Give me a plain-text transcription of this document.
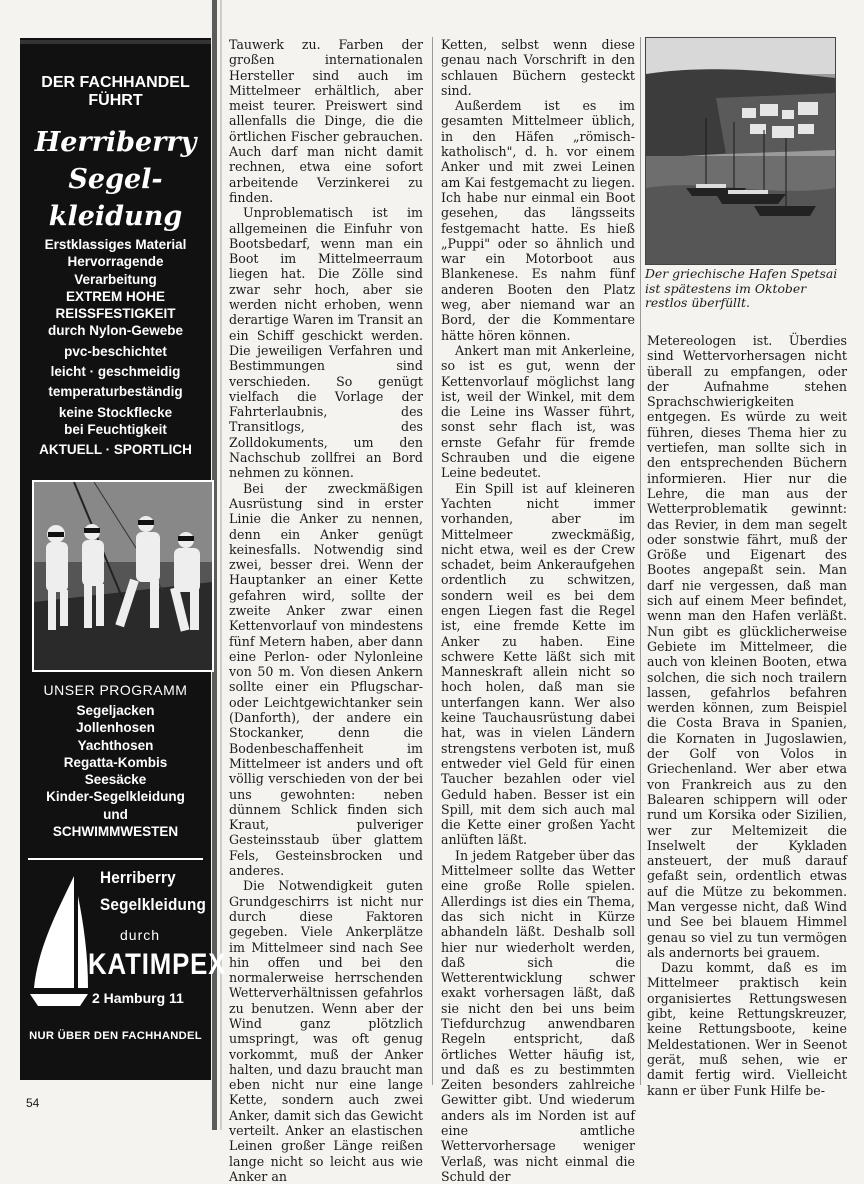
DER FACHHANDEL
FÜHRT
Herriberry
Segel-
kleidung
Erstklassiges Material
Hervorragende
Verarbeitung
EXTREM HOHE
REISSFESTIGKEIT
durch Nylon-Gewebe
pvc-beschichtet
leicht · geschmeidig
temperaturbeständig
keine Stockflecke
bei Feuchtigkeit
AKTUELL · SPORTLICH
UNSER PROGRAMM
Segeljacken
Jollenhosen
Yachthosen
Regatta-Kombis
Seesäcke
Kinder-Segelkleidung
und
SCHWIMMWESTEN
Herriberry
Segelkleidung
durch
KATIMPEX
2 Hamburg 11
NUR ÜBER DEN FACHHANDEL

Tauwerk zu. Farben der großen internationalen Hersteller sind auch im Mittelmeer erhältlich, aber meist teurer. Preiswert sind allenfalls die Dinge, die die örtlichen Fischer gebrauchen. Auch darf man nicht damit rechnen, etwa eine sofort arbeitende Verzinkerei zu finden.

Unproblematisch ist im allgemeinen die Einfuhr von Bootsbedarf, wenn man ein Boot im Mittelmeerraum liegen hat. Die Zölle sind zwar sehr hoch, aber sie werden nicht erhoben, wenn derartige Waren im Transit an ein Schiff geschickt werden. Die jeweiligen Verfahren und Bestimmungen sind verschieden. So genügt vielfach die Vorlage der Fahrterlaubnis, des Transitlogs, des Zolldokuments, um den Nachschub zollfrei an Bord nehmen zu können.

Bei der zweckmäßigen Ausrüstung sind in erster Linie die Anker zu nennen, denn ein Anker genügt keinesfalls. Notwendig sind zwei, besser drei. Wenn der Hauptanker an einer Kette gefahren wird, sollte der zweite Anker zwar einen Kettenvorlauf von mindestens fünf Metern haben, aber dann eine Perlon- oder Nylonleine von 50 m. Von diesen Ankern sollte einer ein Pflugschar- oder Leichtgewichtanker sein (Danforth), der andere ein Stockanker, denn die Bodenbeschaffenheit im Mittelmeer ist anders und oft völlig verschieden von der bei uns gewohnten: neben dünnem Schlick finden sich Kraut, pulveriger Gesteinsstaub über glattem Fels, Gesteinsbrocken und anderes.

Die Notwendigkeit guten Grundgeschirrs ist nicht nur durch diese Faktoren gegeben. Viele Ankerplätze im Mittelmeer sind nach See hin offen und bei den normalerweise herrschenden Wetterverhältnissen gefahrlos zu benutzen. Wenn aber der Wind ganz plötzlich umspringt, was oft genug vorkommt, muß der Anker halten, und dazu braucht man eben nicht nur eine lange Kette, sondern auch zwei Anker, damit sich das Gewicht verteilt. Anker an elastischen Leinen großer Länge reißen lange nicht so leicht aus wie Anker an

Ketten, selbst wenn diese genau nach Vorschrift in den schlauen Büchern gesteckt sind.

Außerdem ist es im gesamten Mittelmeer üblich, in den Häfen „römisch-katholisch", d. h. vor einem Anker und mit zwei Leinen am Kai festgemacht zu liegen. Ich habe nur einmal ein Boot gesehen, das längsseits festgemacht hatte. Es hieß „Puppi" oder so ähnlich und war ein Motorboot aus Blankenese. Es nahm fünf anderen Booten den Platz weg, aber niemand war an Bord, der die Kommentare hätte hören können.

Ankert man mit Ankerleine, so ist es gut, wenn der Kettenvorlauf möglichst lang ist, weil der Winkel, mit dem die Leine ins Wasser führt, sonst sehr flach ist, was ernste Gefahr für fremde Schrauben und die eigene Leine bedeutet.

Ein Spill ist auf kleineren Yachten nicht immer vorhanden, aber im Mittelmeer zweckmäßig, nicht etwa, weil es der Crew schadet, beim Ankeraufgehen ordentlich zu schwitzen, sondern weil es bei dem engen Liegen fast die Regel ist, eine fremde Kette im Anker zu haben. Eine schwere Kette läßt sich mit Manneskraft allein nicht so hoch holen, daß man sie unterfangen kann. Wer also keine Tauchausrüstung dabei hat, was in vielen Ländern strengstens verboten ist, muß entweder viel Geld für einen Taucher bezahlen oder viel Geduld haben. Besser ist ein Spill, mit dem sich auch mal die Kette einer großen Yacht anlüften läßt.

In jedem Ratgeber über das Mittelmeer sollte das Wetter eine große Rolle spielen. Allerdings ist dies ein Thema, das sich nicht in Kürze abhandeln läßt. Deshalb soll hier nur wiederholt werden, daß sich die Wetterentwicklung schwer exakt vorhersagen läßt, daß sie nicht den bei uns beim Tiefdurchzug anwendbaren Regeln entspricht, daß örtliches Wetter häufig ist, und daß es zu bestimmten Zeiten besonders zahlreiche Gewitter gibt. Und wiederum anders als im Norden ist auf eine amtliche Wettervorhersage weniger Verlaß, was nicht einmal die Schuld der

Der griechische Hafen Spetsai ist spätestens im Oktober restlos überfüllt.

Metereologen ist. Überdies sind Wettervorhersagen nicht überall zu empfangen, oder der Aufnahme stehen Sprachschwierigkeiten entgegen. Es würde zu weit führen, dieses Thema hier zu vertiefen, man sollte sich in den entsprechenden Büchern informieren. Hier nur die Lehre, die man aus der Wetterproblematik gewinnt: das Revier, in dem man segelt oder sonstwie fährt, muß der Größe und Eigenart des Bootes angepaßt sein. Man darf nie vergessen, daß man sich auf einem Meer befindet, wenn man den Hafen verläßt. Nun gibt es glücklicherweise Gebiete im Mittelmeer, die auch von kleinen Booten, etwa solchen, die sich noch trailern lassen, gefahrlos befahren werden können, zum Beispiel die Costa Brava in Spanien, die Kornaten in Jugoslawien, der Golf von Volos in Griechenland. Wer aber etwa von Frankreich aus zu den Balearen schippern will oder rund um Korsika oder Sizilien, wer zur Meltemizeit die Inselwelt der Kykladen ansteuert, der muß darauf gefaßt sein, ordentlich etwas auf die Mütze zu bekommen. Man vergesse nicht, daß Wind und See bei blauem Himmel genau so viel zu tun vermögen als andernorts bei grauem.

Dazu kommt, daß es im Mittelmeer praktisch kein organisiertes Rettungswesen gibt, keine Rettungskreuzer, keine Rettungsboote, keine Meldestationen. Wer in Seenot gerät, muß sehen, wie er damit fertig wird. Vielleicht kann er über Funk Hilfe be-

54
